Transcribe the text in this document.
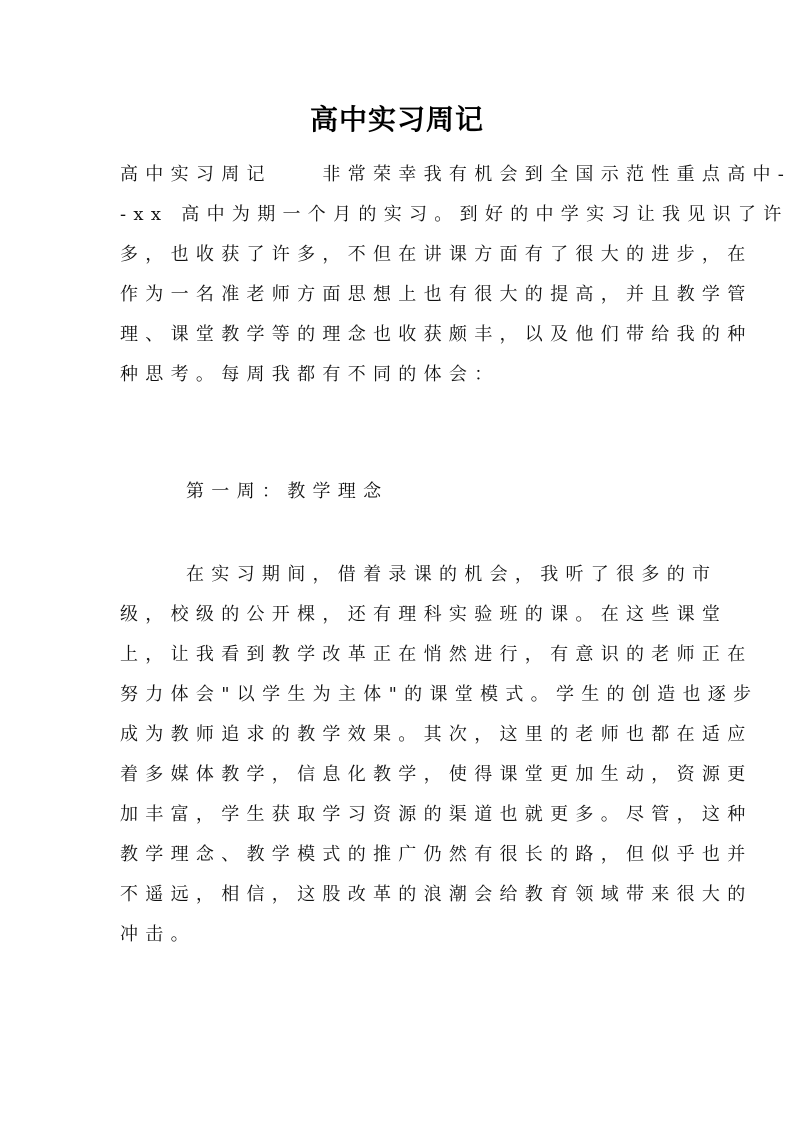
高中实习周记
高中实习周记　　非常荣幸我有机会到全国示范性重点高中-
-xx 高中为期一个月的实习。到好的中学实习让我见识了许
多，也收获了许多，不但在讲课方面有了很大的进步，在
作为一名准老师方面思想上也有很大的提高，并且教学管
理、课堂教学等的理念也收获颇丰，以及他们带给我的种
种思考。每周我都有不同的体会：
第一周：教学理念
在实习期间，借着录课的机会，我听了很多的市
级，校级的公开棵，还有理科实验班的课。在这些课堂
上，让我看到教学改革正在悄然进行，有意识的老师正在
努力体会"以学生为主体"的课堂模式。学生的创造也逐步
成为教师追求的教学效果。其次，这里的老师也都在适应
着多媒体教学，信息化教学，使得课堂更加生动，资源更
加丰富，学生获取学习资源的渠道也就更多。尽管，这种
教学理念、教学模式的推广仍然有很长的路，但似乎也并
不遥远，相信，这股改革的浪潮会给教育领域带来很大的
冲击。
